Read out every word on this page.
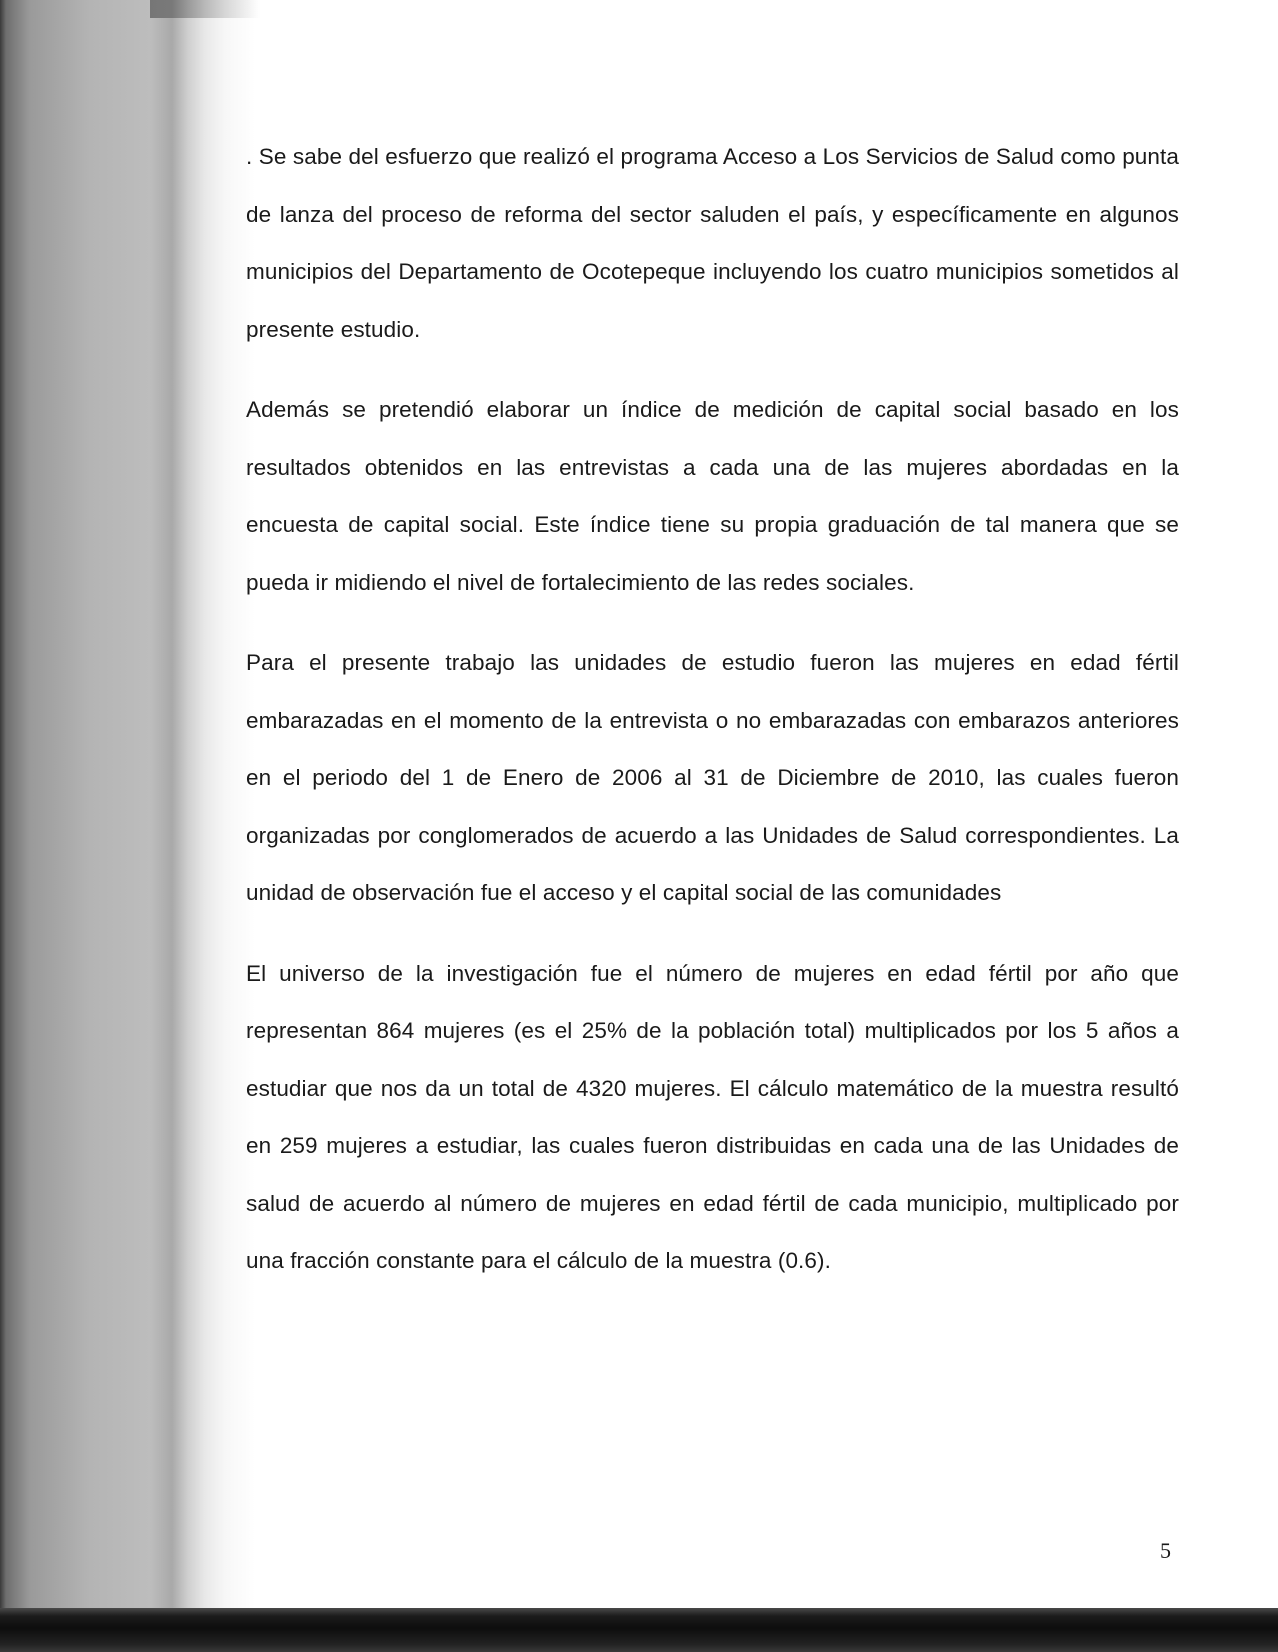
. Se sabe del esfuerzo que realizó el programa Acceso a Los Servicios de Salud como punta de lanza del proceso de reforma del sector saluden el país, y específicamente en algunos municipios del Departamento de Ocotepeque incluyendo los cuatro municipios sometidos al presente estudio.

Además se pretendió elaborar un índice de medición de capital social basado en los resultados obtenidos en las entrevistas a cada una de las mujeres abordadas en la encuesta de capital social. Este índice tiene su propia graduación de tal manera que se pueda ir midiendo el nivel de fortalecimiento de las redes sociales.

Para el presente trabajo las unidades de estudio fueron las mujeres en edad fértil embarazadas en el momento de la entrevista o no embarazadas con embarazos anteriores en el periodo del 1 de Enero de 2006 al 31 de Diciembre de 2010, las cuales fueron organizadas por conglomerados de acuerdo a las Unidades de Salud correspondientes. La unidad de observación fue el acceso y el capital social de las comunidades

El universo de la investigación fue el número de mujeres en edad fértil por año que representan 864 mujeres (es el 25% de la población total) multiplicados por los 5 años a estudiar que nos da un total de 4320 mujeres. El cálculo matemático de la muestra resultó en 259 mujeres a estudiar, las cuales fueron distribuidas en cada una de las Unidades de salud de acuerdo al número de mujeres en edad fértil de cada municipio, multiplicado por una fracción constante para el cálculo de la muestra (0.6).

5
